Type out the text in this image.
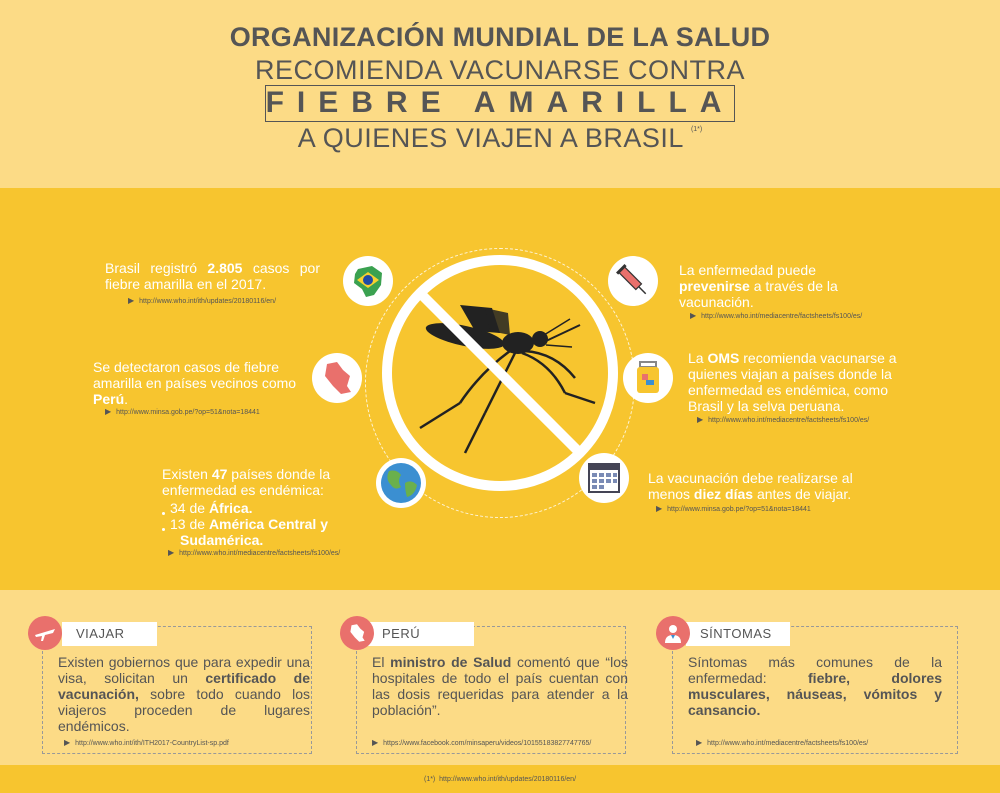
ORGANIZACIÓN MUNDIAL DE LA SALUD
RECOMIENDA VACUNARSE CONTRA
FIEBRE AMARILLA
A QUIENES VIAJEN A BRASIL $^{(1*)}$
Brasil registró 2.805 casos por fiebre amarilla en el 2017.
▶ http://www.who.int/ith/updates/20180116/en/
Se detectaron casos de fiebre amarilla en países vecinos como Perú.
▶ http://www.minsa.gob.pe/?op=51&nota=18441
Existen 47 países donde la enfermedad es endémica:
34 de África.
13 de América Central y
Sudamérica.
▶ http://www.who.int/mediacentre/factsheets/fs100/es/
La enfermedad puede prevenirse a través de la vacunación.
▶ http://www.who.int/mediacentre/factsheets/fs100/es/
La OMS recomienda vacunarse a quienes viajan a países donde la enfermedad es endémica, como Brasil y la selva peruana.
▶ http://www.who.int/mediacentre/factsheets/fs100/es/
La vacunación debe realizarse al menos diez días antes de viajar.
▶ http://www.minsa.gob.pe/?op=51&nota=18441
VIAJAR
Existen gobiernos que para expedir una visa, solicitan un certificado de vacunación, sobre todo cuando los viajeros proceden de lugares endémicos.
▶ http://www.who.int/ith/ITH2017-CountryList-sp.pdf
PERÚ
El ministro de Salud comentó que “los hospitales de todo el país cuentan con las dosis requeridas para atender a la población”.
▶ https://www.facebook.com/minsaperu/videos/10155183827747765/
SÍNTOMAS
Síntomas más comunes de la enfermedad: fiebre, dolores musculares, náuseas, vómitos y cansancio.
▶ http://www.who.int/mediacentre/factsheets/fs100/es/
(1*) http://www.who.int/ith/updates/20180116/en/
